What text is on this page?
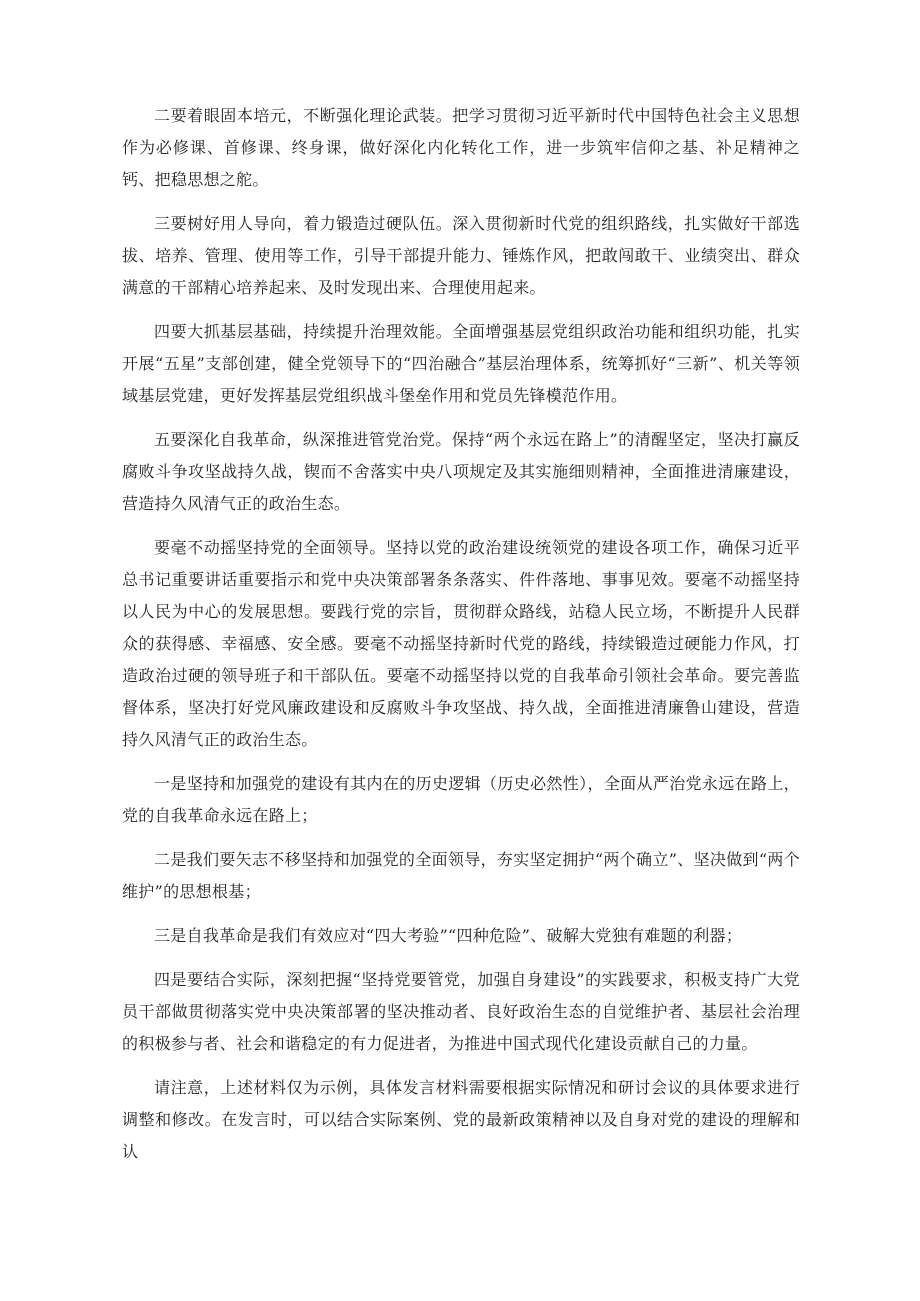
二要着眼固本培元，不断强化理论武装。把学习贯彻习近平新时代中国特色社会主义思想作为必修课、首修课、终身课，做好深化内化转化工作，进一步筑牢信仰之基、补足精神之钙、把稳思想之舵。

三要树好用人导向，着力锻造过硬队伍。深入贯彻新时代党的组织路线，扎实做好干部选拔、培养、管理、使用等工作，引导干部提升能力、锤炼作风，把敢闯敢干、业绩突出、群众满意的干部精心培养起来、及时发现出来、合理使用起来。

四要大抓基层基础，持续提升治理效能。全面增强基层党组织政治功能和组织功能，扎实开展“五星”支部创建，健全党领导下的“四治融合”基层治理体系，统筹抓好“三新”、机关等领域基层党建，更好发挥基层党组织战斗堡垒作用和党员先锋模范作用。

五要深化自我革命，纵深推进管党治党。保持“两个永远在路上”的清醒坚定，坚决打赢反腐败斗争攻坚战持久战，锲而不舍落实中央八项规定及其实施细则精神，全面推进清廉建设，营造持久风清气正的政治生态。

要毫不动摇坚持党的全面领导。坚持以党的政治建设统领党的建设各项工作，确保习近平总书记重要讲话重要指示和党中央决策部署条条落实、件件落地、事事见效。要毫不动摇坚持以人民为中心的发展思想。要践行党的宗旨，贯彻群众路线，站稳人民立场，不断提升人民群众的获得感、幸福感、安全感。要毫不动摇坚持新时代党的路线，持续锻造过硬能力作风，打造政治过硬的领导班子和干部队伍。要毫不动摇坚持以党的自我革命引领社会革命。要完善监督体系，坚决打好党风廉政建设和反腐败斗争攻坚战、持久战，全面推进清廉鲁山建设，营造持久风清气正的政治生态。

一是坚持和加强党的建设有其内在的历史逻辑（历史必然性），全面从严治党永远在路上，党的自我革命永远在路上；

二是我们要矢志不移坚持和加强党的全面领导，夯实坚定拥护“两个确立”、坚决做到“两个维护”的思想根基；

三是自我革命是我们有效应对“四大考验”“四种危险”、破解大党独有难题的利器；

四是要结合实际，深刻把握“坚持党要管党，加强自身建设”的实践要求，积极支持广大党员干部做贯彻落实党中央决策部署的坚决推动者、良好政治生态的自觉维护者、基层社会治理的积极参与者、社会和谐稳定的有力促进者，为推进中国式现代化建设贡献自己的力量。

请注意，上述材料仅为示例，具体发言材料需要根据实际情况和研讨会议的具体要求进行调整和修改。在发言时，可以结合实际案例、党的最新政策精神以及自身对党的建设的理解和认
